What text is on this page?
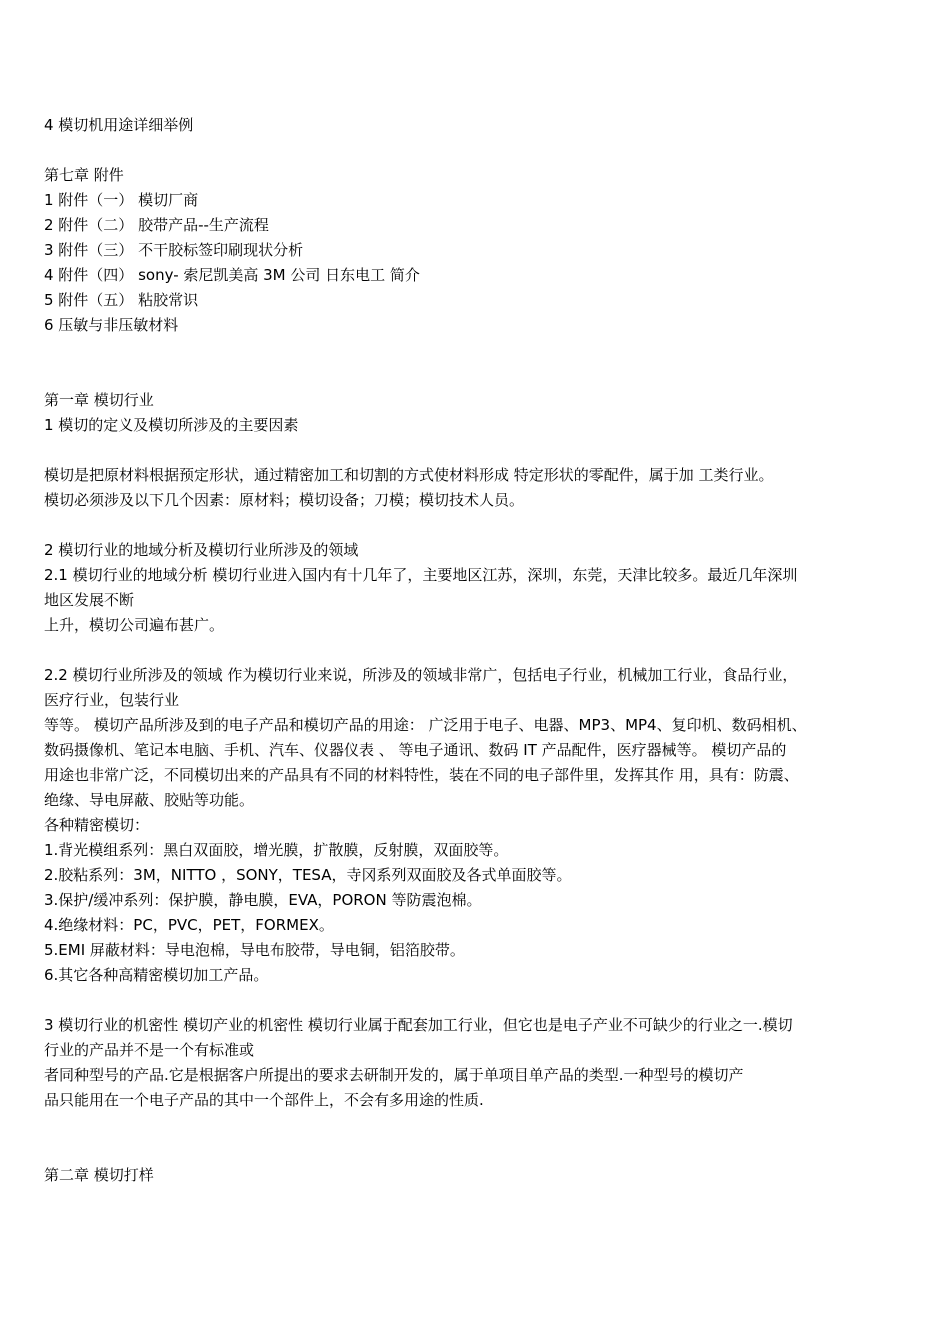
4 模切机用途详细举例
第七章 附件
1 附件（一） 模切厂商
2 附件（二） 胶带产品--生产流程
3 附件（三） 不干胶标签印刷现状分析
4 附件（四） sony- 索尼凯美高 3M 公司 日东电工 简介
5 附件（五） 粘胶常识
6 压敏与非压敏材料
第一章 模切行业
1 模切的定义及模切所涉及的主要因素
模切是把原材料根据预定形状，通过精密加工和切割的方式使材料形成 特定形状的零配件，属于加 工类行业。
模切必须涉及以下几个因素：原材料；模切设备；刀模；模切技术人员。
2 模切行业的地域分析及模切行业所涉及的领域
2.1 模切行业的地域分析 模切行业进入国内有十几年了，主要地区江苏，深圳，东莞，天津比较多。最近几年深圳
地区发展不断
上升，模切公司遍布甚广。
2.2 模切行业所涉及的领域 作为模切行业来说，所涉及的领域非常广，包括电子行业，机械加工行业，食品行业，
医疗行业，包装行业
等等。 模切产品所涉及到的电子产品和模切产品的用途： 广泛用于电子、电器、MP3、MP4、复印机、数码相机、
数码摄像机、笔记本电脑、手机、汽车、仪器仪表 、 等电子通讯、数码 IT 产品配件，医疗器械等。 模切产品的
用途也非常广泛，不同模切出来的产品具有不同的材料特性，装在不同的电子部件里，发挥其作 用，具有：防震、
绝缘、导电屏蔽、胶贴等功能。
各种精密模切：
1.背光模组系列：黑白双面胶，增光膜，扩散膜，反射膜，双面胶等。
2.胶粘系列：3M，NITTO ，SONY，TESA，寺冈系列双面胶及各式单面胶等。
3.保护/缓冲系列：保护膜，静电膜，EVA，PORON 等防震泡棉。
4.绝缘材料：PC，PVC，PET，FORMEX。
5.EMI 屏蔽材料：导电泡棉，导电布胶带，导电铜，铝箔胶带。
6.其它各种高精密模切加工产品。
3 模切行业的机密性 模切产业的机密性 模切行业属于配套加工行业，但它也是电子产业不可缺少的行业之一.模切
行业的产品并不是一个有标准或
者同种型号的产品.它是根据客户所提出的要求去研制开发的，属于单项目单产品的类型.一种型号的模切产
品只能用在一个电子产品的其中一个部件上，不会有多用途的性质.
第二章 模切打样
